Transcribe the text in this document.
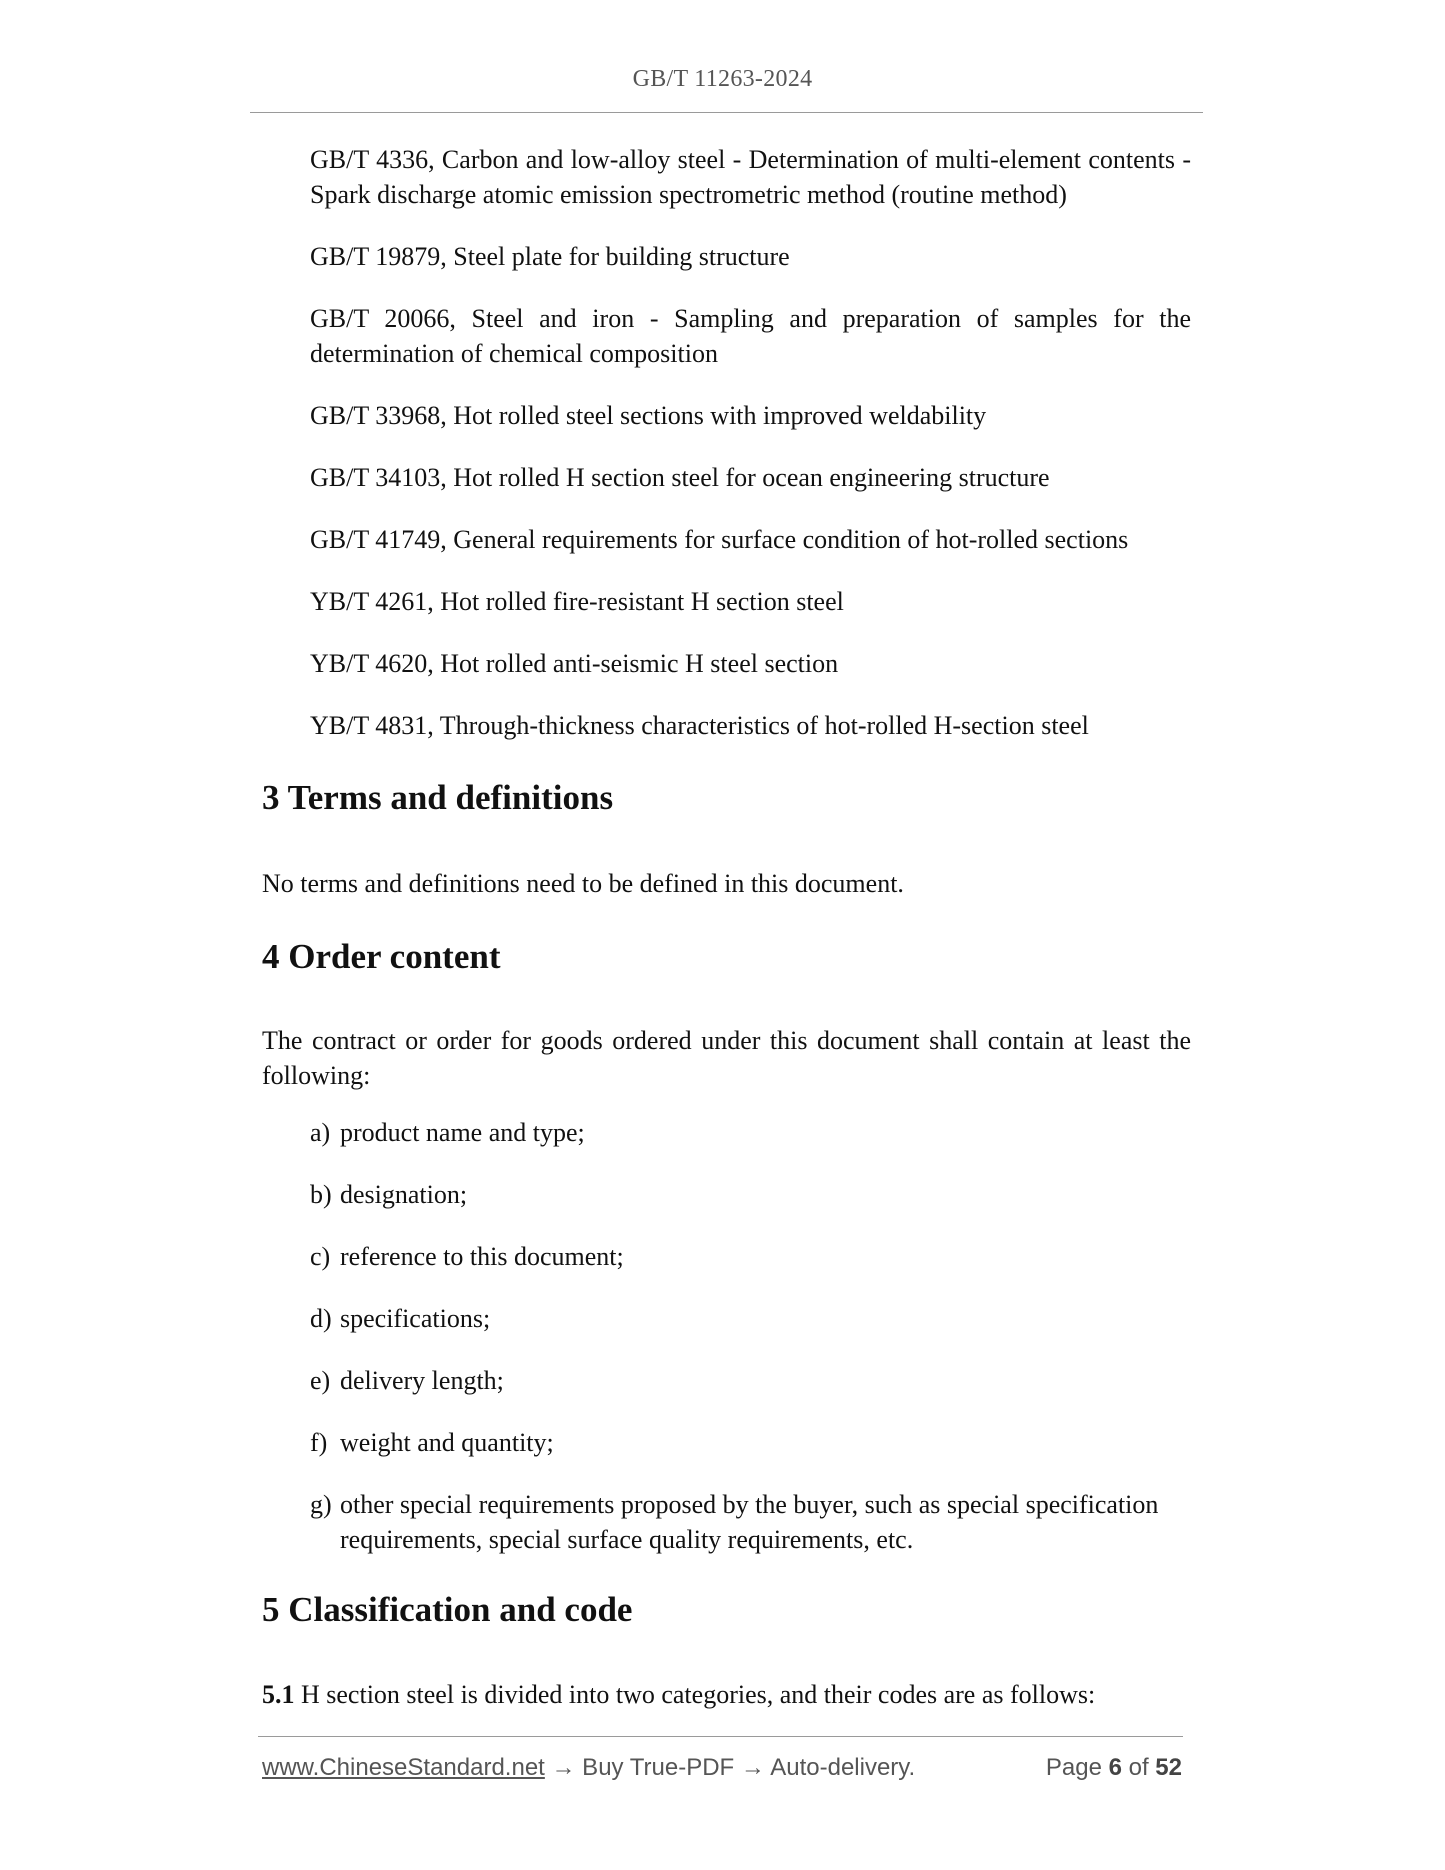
GB/T 11263-2024
GB/T 4336, Carbon and low-alloy steel - Determination of multi-element contents - Spark discharge atomic emission spectrometric method (routine method)
GB/T 19879, Steel plate for building structure
GB/T 20066, Steel and iron - Sampling and preparation of samples for the determination of chemical composition
GB/T 33968, Hot rolled steel sections with improved weldability
GB/T 34103, Hot rolled H section steel for ocean engineering structure
GB/T 41749, General requirements for surface condition of hot-rolled sections
YB/T 4261, Hot rolled fire-resistant H section steel
YB/T 4620, Hot rolled anti-seismic H steel section
YB/T 4831, Through-thickness characteristics of hot-rolled H-section steel
3 Terms and definitions

No terms and definitions need to be defined in this document.

4 Order content

The contract or order for goods ordered under this document shall contain at least the following:

a) product name and type;
b) designation;
c) reference to this document;
d) specifications;
e) delivery length;
f) weight and quantity;
g) other special requirements proposed by the buyer, such as special specification requirements, special surface quality requirements, etc.
5 Classification and code

5.1 H section steel is divided into two categories, and their codes are as follows:

www.ChineseStandard.net → Buy True-PDF → Auto-delivery.	Page 6 of 52
